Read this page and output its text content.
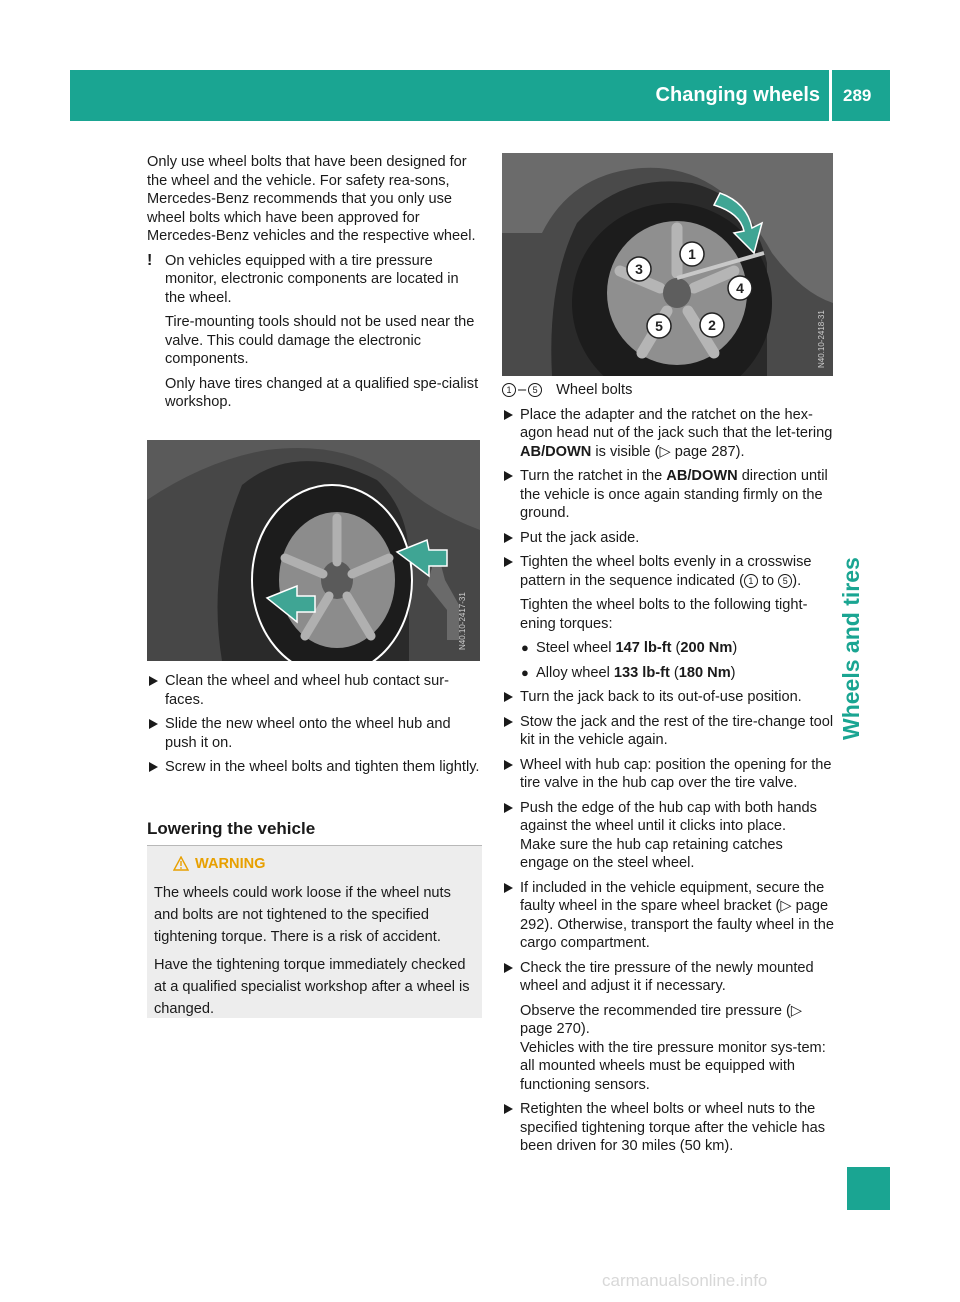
Changing wheels 289
Wheels and tires

Only use wheel bolts that have been designed for the wheel and the vehicle. For safety rea-sons, Mercedes-Benz recommends that you only use wheel bolts which have been approved for Mercedes-Benz vehicles and the respective wheel.

! On vehicles equipped with a tire pressure monitor, electronic components are located in the wheel.

Tire-mounting tools should not be used near the valve. This could damage the electronic components.

Only have tires changed at a qualified spe-cialist workshop.

N40.10-2417-31

Clean the wheel and wheel hub contact sur-faces.

Slide the new wheel onto the wheel hub and push it on.

Screw in the wheel bolts and tighten them lightly.

Lowering the vehicle
WARNING

The wheels could work loose if the wheel nuts and bolts are not tightened to the specified tightening torque. There is a risk of accident.

Have the tightening torque immediately checked at a qualified specialist workshop after a wheel is changed.

1
2
3
4
5	N40.10-2418-31
1 – 5	Wheel bolts

Place the adapter and the ratchet on the hex-agon head nut of the jack such that the let-tering AB/DOWN is visible (▷ page 287).

Turn the ratchet in the AB/DOWN direction until the vehicle is once again standing firmly on the ground.

Put the jack aside.

Tighten the wheel bolts evenly in a crosswise pattern in the sequence indicated ( 1 to 5 ).

Tighten the wheel bolts to the following tight-ening torques:

● Steel wheel 147 lb-ft (200 Nm)

● Alloy wheel 133 lb-ft (180 Nm)

Turn the jack back to its out-of-use position.

Stow the jack and the rest of the tire-change tool kit in the vehicle again.

Wheel with hub cap: position the opening for the tire valve in the hub cap over the tire valve.

Push the edge of the hub cap with both hands against the wheel until it clicks into place.

Make sure the hub cap retaining catches engage on the steel wheel.

If included in the vehicle equipment, secure the faulty wheel in the spare wheel bracket (▷ page 292). Otherwise, transport the faulty wheel in the cargo compartment.

Check the tire pressure of the newly mounted wheel and adjust it if necessary.

Observe the recommended tire pressure (▷ page 270).

Vehicles with the tire pressure monitor sys-tem: all mounted wheels must be equipped with functioning sensors.

Retighten the wheel bolts or wheel nuts to the specified tightening torque after the vehicle has been driven for 30 miles (50 km).

carmanualsonline.info
